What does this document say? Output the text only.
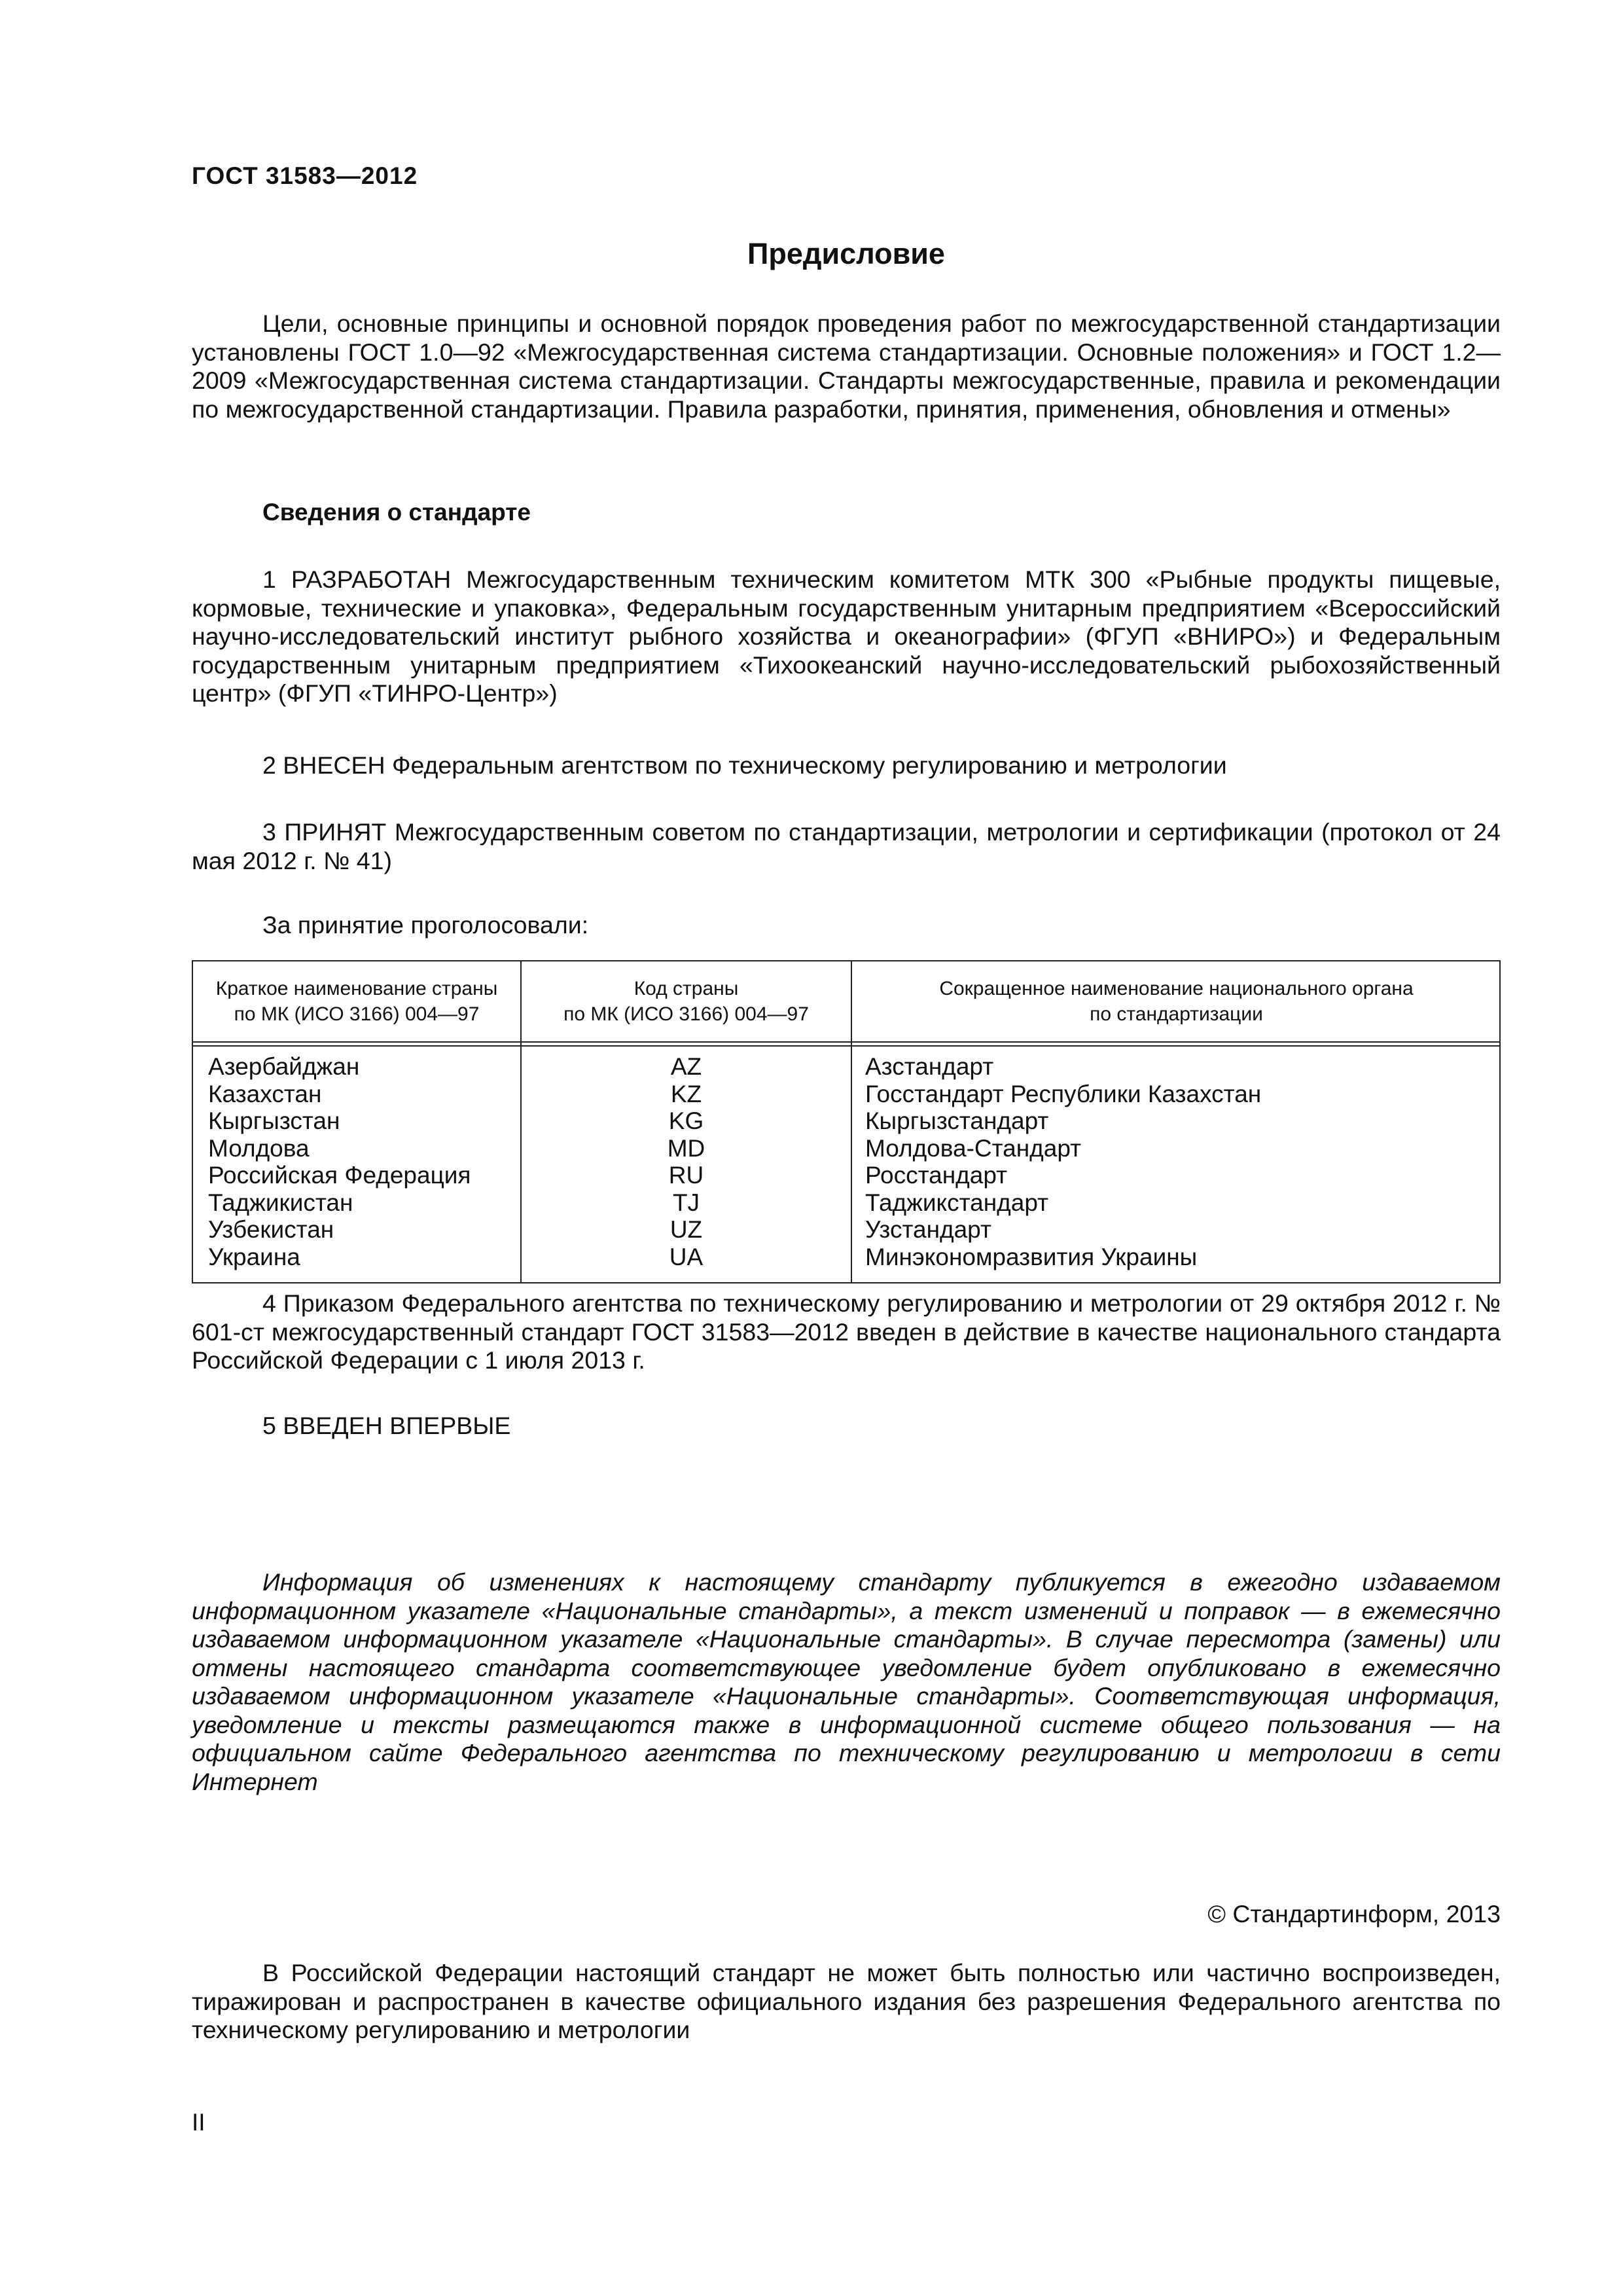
ГОСТ 31583—2012
Предисловие

Цели, основные принципы и основной порядок проведения работ по межгосударственной стандартизации установлены ГОСТ 1.0—92 «Межгосударственная система стандартизации. Основные положения» и ГОСТ 1.2—2009 «Межгосударственная система стандартизации. Стандарты межгосударственные, правила и рекомендации по межгосударственной стандартизации. Правила разработки, принятия, применения, обновления и отмены»

Сведения о стандарте

1 РАЗРАБОТАН Межгосударственным техническим комитетом МТК 300 «Рыбные продукты пищевые, кормовые, технические и упаковка», Федеральным государственным унитарным предприятием «Всероссийский научно-исследовательский институт рыбного хозяйства и океанографии» (ФГУП «ВНИРО») и Федеральным государственным унитарным предприятием «Тихоокеанский научно-исследовательский рыбохозяйственный центр» (ФГУП «ТИНРО-Центр»)

2 ВНЕСЕН Федеральным агентством по техническому регулированию и метрологии

3 ПРИНЯТ Межгосударственным советом по стандартизации, метрологии и сертификации (протокол от 24 мая 2012 г. № 41)

За принятие проголосовали:

Краткое наименование страны
по МК (ИСО 3166) 004—97
Код страны
по МК (ИСО 3166) 004—97
Сокращенное наименование национального органа
по стандартизации
Азербайджан
Казахстан
Кыргызстан
Молдова
Российская Федерация
Таджикистан
Узбекистан
Украина
AZ
KZ
KG
MD
RU
TJ
UZ
UA
Азстандарт
Госстандарт Республики Казахстан
Кыргызстандарт
Молдова-Стандарт
Росстандарт
Таджикстандарт
Узстандарт
Минэкономразвития Украины

4 Приказом Федерального агентства по техническому регулированию и метрологии от 29 октября 2012 г. № 601-ст межгосударственный стандарт ГОСТ 31583—2012 введен в действие в качестве национального стандарта Российской Федерации с 1 июля 2013 г.

5 ВВЕДЕН ВПЕРВЫЕ

Информация об изменениях к настоящему стандарту публикуется в ежегодно издаваемом информационном указателе «Национальные стандарты», а текст изменений и поправок — в ежемесячно издаваемом информационном указателе «Национальные стандарты». В случае пересмотра (замены) или отмены настоящего стандарта соответствующее уведомление будет опубликовано в ежемесячно издаваемом информационном указателе «Национальные стандарты». Соответствующая информация, уведомление и тексты размещаются также в информационной системе общего пользования — на официальном сайте Федерального агентства по техническому регулированию и метрологии в сети Интернет

© Стандартинформ, 2013

В Российской Федерации настоящий стандарт не может быть полностью или частично воспроизведен, тиражирован и распространен в качестве официального издания без разрешения Федерального агентства по техническому регулированию и метрологии

II
